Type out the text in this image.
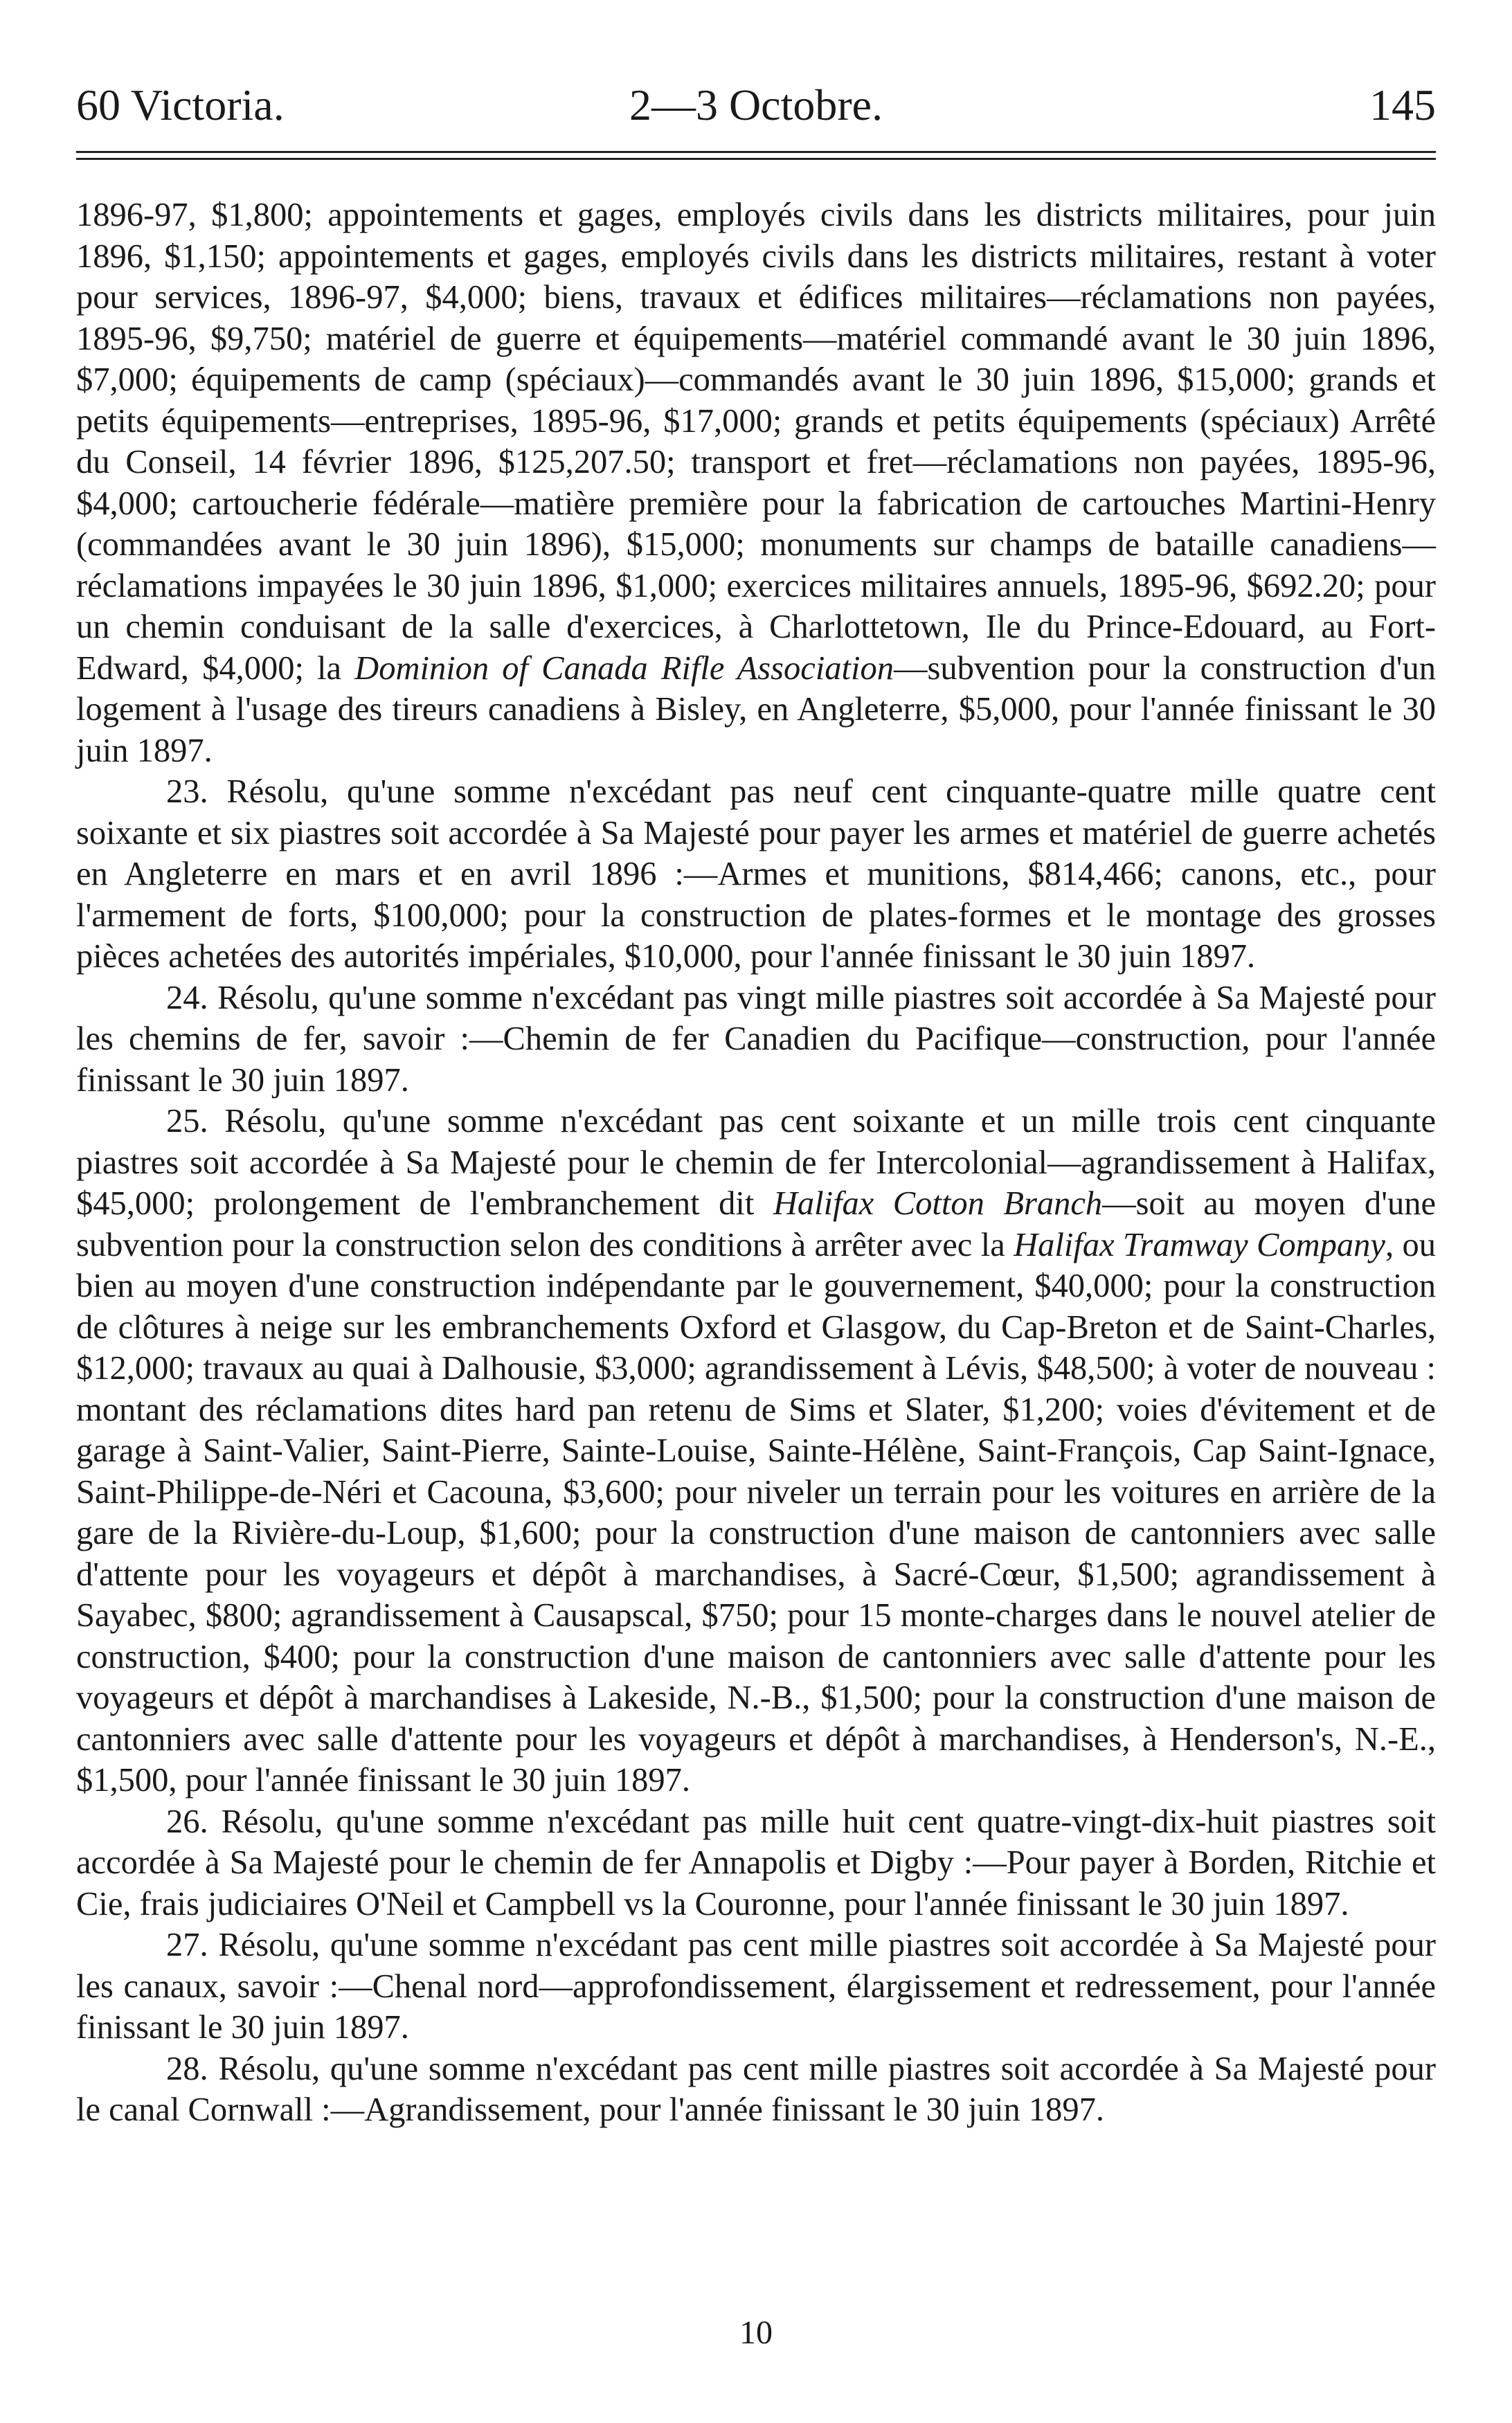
60 Victoria.	2—3 Octobre.	145

1896-97, $1,800; appointements et gages, employés civils dans les districts militaires, pour juin 1896, $1,150; appointements et gages, employés civils dans les districts militaires, restant à voter pour services, 1896-97, $4,000; biens, travaux et édifices militaires—réclamations non payées, 1895-96, $9,750; matériel de guerre et équipements—matériel commandé avant le 30 juin 1896, $7,000; équipements de camp (spéciaux)—commandés avant le 30 juin 1896, $15,000; grands et petits équipements—entreprises, 1895-96, $17,000; grands et petits équipements (spéciaux) Arrêté du Conseil, 14 février 1896, $125,207.50; transport et fret—réclamations non payées, 1895-96, $4,000; cartoucherie fédérale—matière première pour la fabrication de cartouches Martini-Henry (commandées avant le 30 juin 1896), $15,000; monuments sur champs de bataille canadiens—réclamations impayées le 30 juin 1896, $1,000; exercices militaires annuels, 1895-96, $692.20; pour un chemin conduisant de la salle d'exercices, à Charlottetown, Ile du Prince-Edouard, au Fort-Edward, $4,000; la Dominion of Canada Rifle Association—subvention pour la construction d'un logement à l'usage des tireurs canadiens à Bisley, en Angleterre, $5,000, pour l'année finissant le 30 juin 1897.

23. Résolu, qu'une somme n'excédant pas neuf cent cinquante-quatre mille quatre cent soixante et six piastres soit accordée à Sa Majesté pour payer les armes et matériel de guerre achetés en Angleterre en mars et en avril 1896 :—Armes et munitions, $814,466; canons, etc., pour l'armement de forts, $100,000; pour la construction de plates-formes et le montage des grosses pièces achetées des autorités impériales, $10,000, pour l'année finissant le 30 juin 1897.

24. Résolu, qu'une somme n'excédant pas vingt mille piastres soit accordée à Sa Majesté pour les chemins de fer, savoir :—Chemin de fer Canadien du Pacifique—construction, pour l'année finissant le 30 juin 1897.

25. Résolu, qu'une somme n'excédant pas cent soixante et un mille trois cent cinquante piastres soit accordée à Sa Majesté pour le chemin de fer Intercolonial—agrandissement à Halifax, $45,000; prolongement de l'embranchement dit Halifax Cotton Branch—soit au moyen d'une subvention pour la construction selon des conditions à arrêter avec la Halifax Tramway Company, ou bien au moyen d'une construction indépendante par le gouvernement, $40,000; pour la construction de clôtures à neige sur les embranchements Oxford et Glasgow, du Cap-Breton et de Saint-Charles, $12,000; travaux au quai à Dalhousie, $3,000; agrandissement à Lévis, $48,500; à voter de nouveau : montant des réclamations dites hard pan retenu de Sims et Slater, $1,200; voies d'évitement et de garage à Saint-Valier, Saint-Pierre, Sainte-Louise, Sainte-Hélène, Saint-François, Cap Saint-Ignace, Saint-Philippe-de-Néri et Cacouna, $3,600; pour niveler un terrain pour les voitures en arrière de la gare de la Rivière-du-Loup, $1,600; pour la construction d'une maison de cantonniers avec salle d'attente pour les voyageurs et dépôt à marchandises, à Sacré-Cœur, $1,500; agrandissement à Sayabec, $800; agrandissement à Causapscal, $750; pour 15 monte-charges dans le nouvel atelier de construction, $400; pour la construction d'une maison de cantonniers avec salle d'attente pour les voyageurs et dépôt à marchandises à Lakeside, N.-B., $1,500; pour la construction d'une maison de cantonniers avec salle d'attente pour les voyageurs et dépôt à marchandises, à Henderson's, N.-E., $1,500, pour l'année finissant le 30 juin 1897.

26. Résolu, qu'une somme n'excédant pas mille huit cent quatre-vingt-dix-huit piastres soit accordée à Sa Majesté pour le chemin de fer Annapolis et Digby :—Pour payer à Borden, Ritchie et Cie, frais judiciaires O'Neil et Campbell vs la Couronne, pour l'année finissant le 30 juin 1897.

27. Résolu, qu'une somme n'excédant pas cent mille piastres soit accordée à Sa Majesté pour les canaux, savoir :—Chenal nord—approfondissement, élargissement et redressement, pour l'année finissant le 30 juin 1897.

28. Résolu, qu'une somme n'excédant pas cent mille piastres soit accordée à Sa Majesté pour le canal Cornwall :—Agrandissement, pour l'année finissant le 30 juin 1897.

10
